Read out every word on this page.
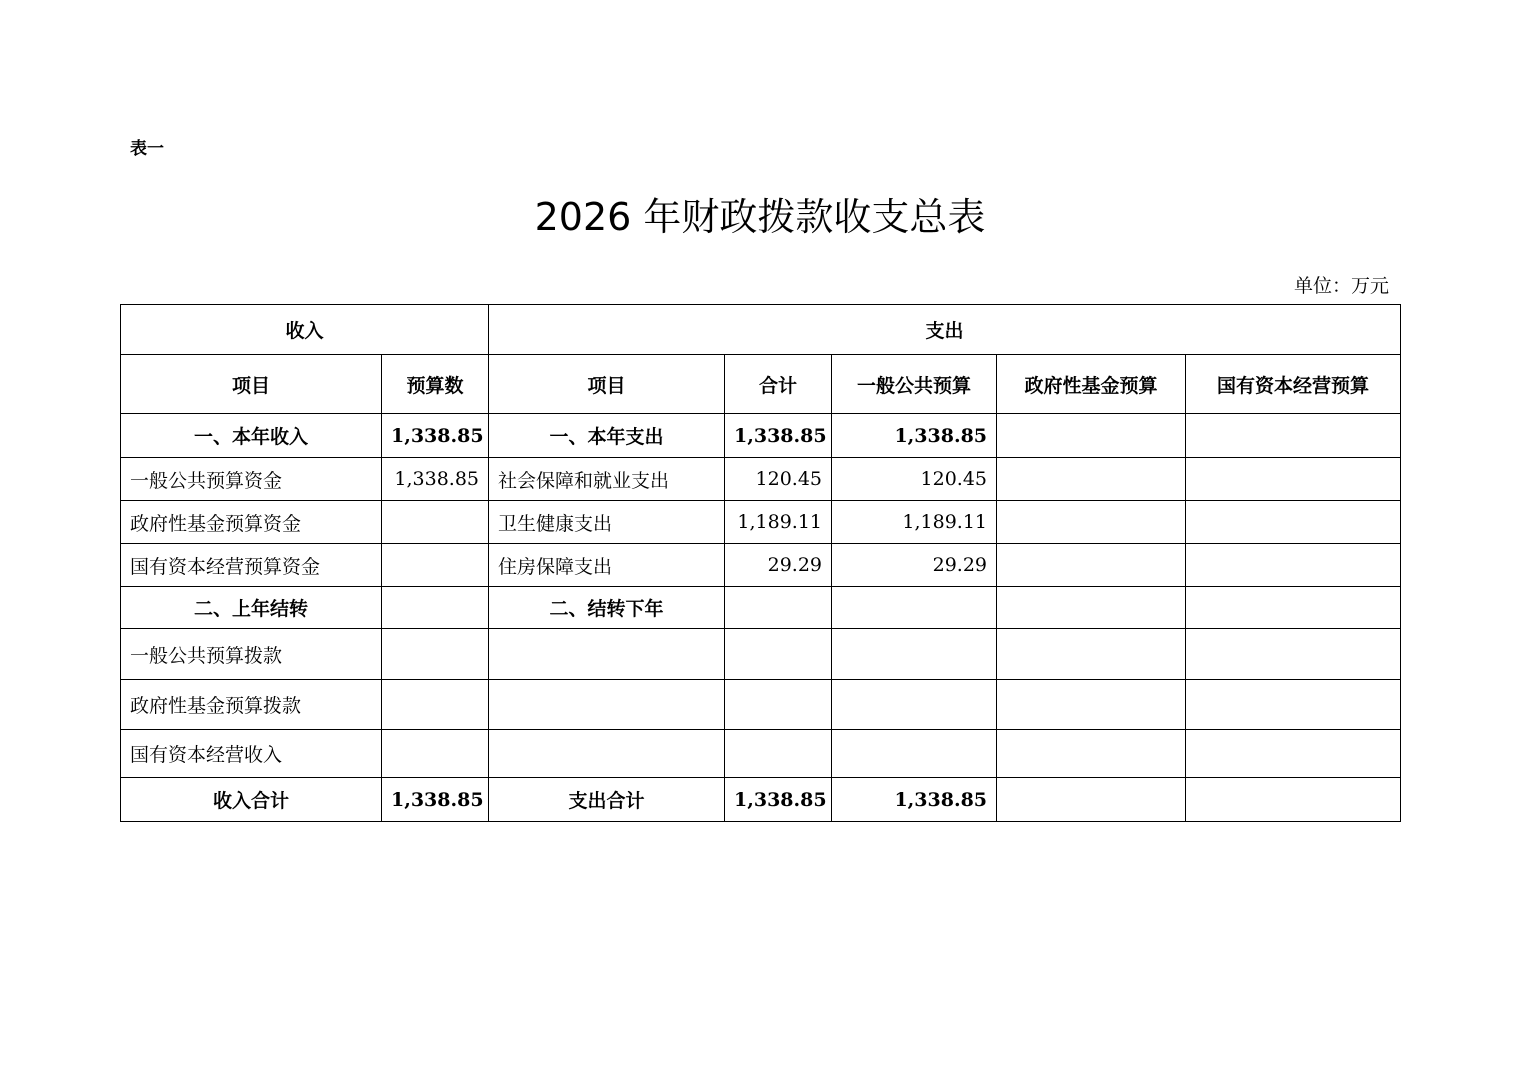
表一
2026 年财政拨款收支总表
单位：万元
收入		支出				
项目	预算数	项目	合计	一般公共预算	政府性基金预算	国有资本经营预算
一、本年收入	1,338.85	一、本年支出	1,338.85	1,338.85		
一般公共预算资金	1,338.85	社会保障和就业支出	120.45	120.45		
政府性基金预算资金		卫生健康支出	1,189.11	1,189.11		
国有资本经营预算资金		住房保障支出	29.29	29.29		
二、上年结转		二、结转下年				
一般公共预算拨款						
政府性基金预算拨款						
国有资本经营收入						
收入合计	1,338.85	支出合计	1,338.85	1,338.85		
